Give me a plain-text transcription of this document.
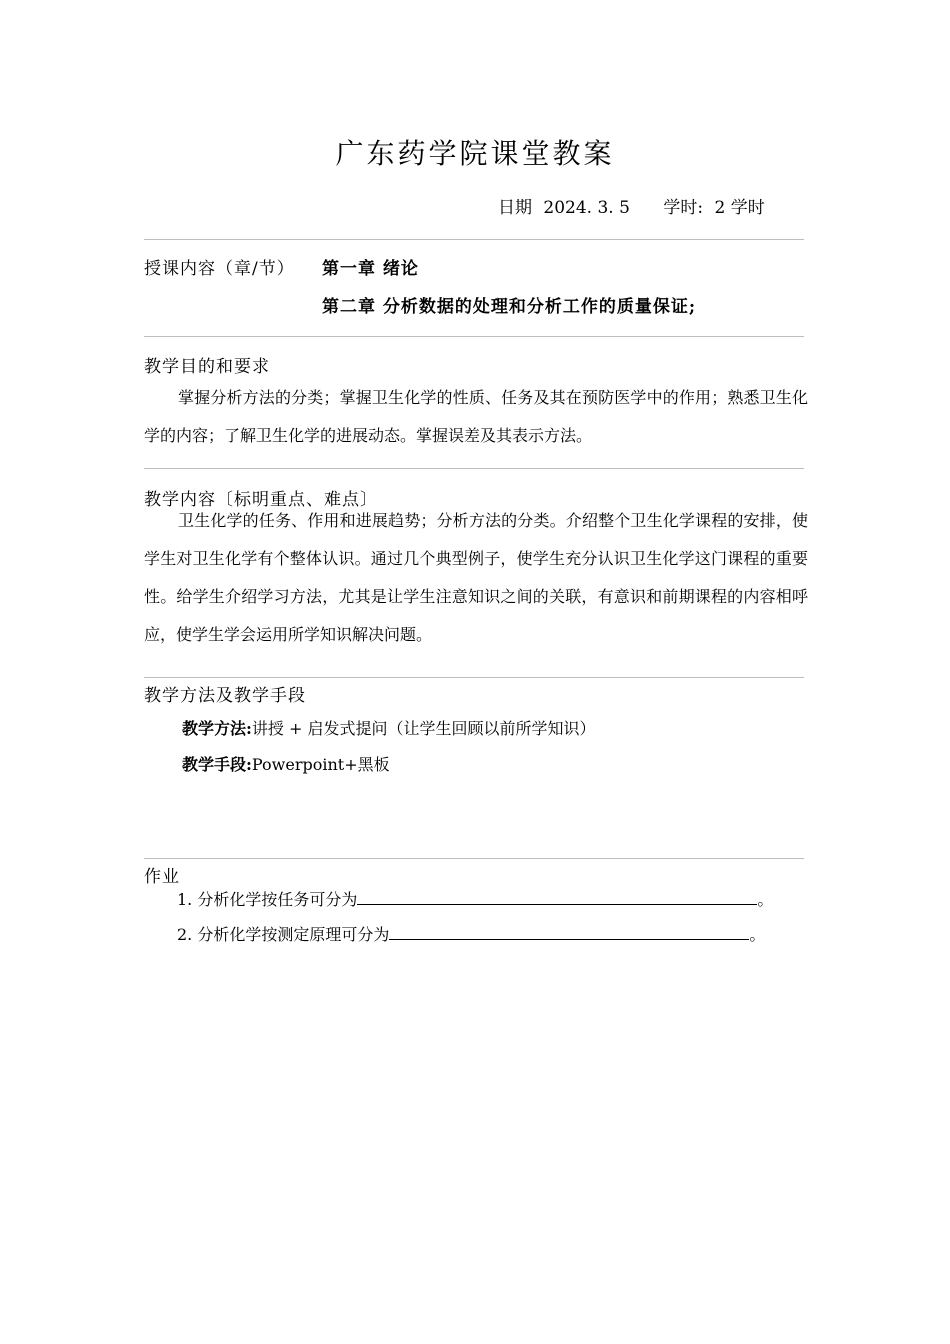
广东药学院课堂教案
日期 2024. 3. 5 学时: 2 学时
授课内容（章/节） 第一章 绪论
第二章 分析数据的处理和分析工作的质量保证;
教学目的和要求
掌握分析方法的分类；掌握卫生化学的性质、任务及其在预防医学中的作用；熟悉卫生化学的内容；了解卫生化学的进展动态。掌握误差及其表示方法。
教学内容〔标明重点、难点〕
卫生化学的任务、作用和进展趋势；分析方法的分类。介绍整个卫生化学课程的安排，使学生对卫生化学有个整体认识。通过几个典型例子，使学生充分认识卫生化学这门课程的重要性。给学生介绍学习方法，尤其是让学生注意知识之间的关联，有意识和前期课程的内容相呼应，使学生学会运用所学知识解决问题。
教学方法及教学手段
教学方法:讲授 + 启发式提问（让学生回顾以前所学知识）
教学手段:Powerpoint+黑板
作业
1. 分析化学按任务可分为	。
2. 分析化学按测定原理可分为	。
